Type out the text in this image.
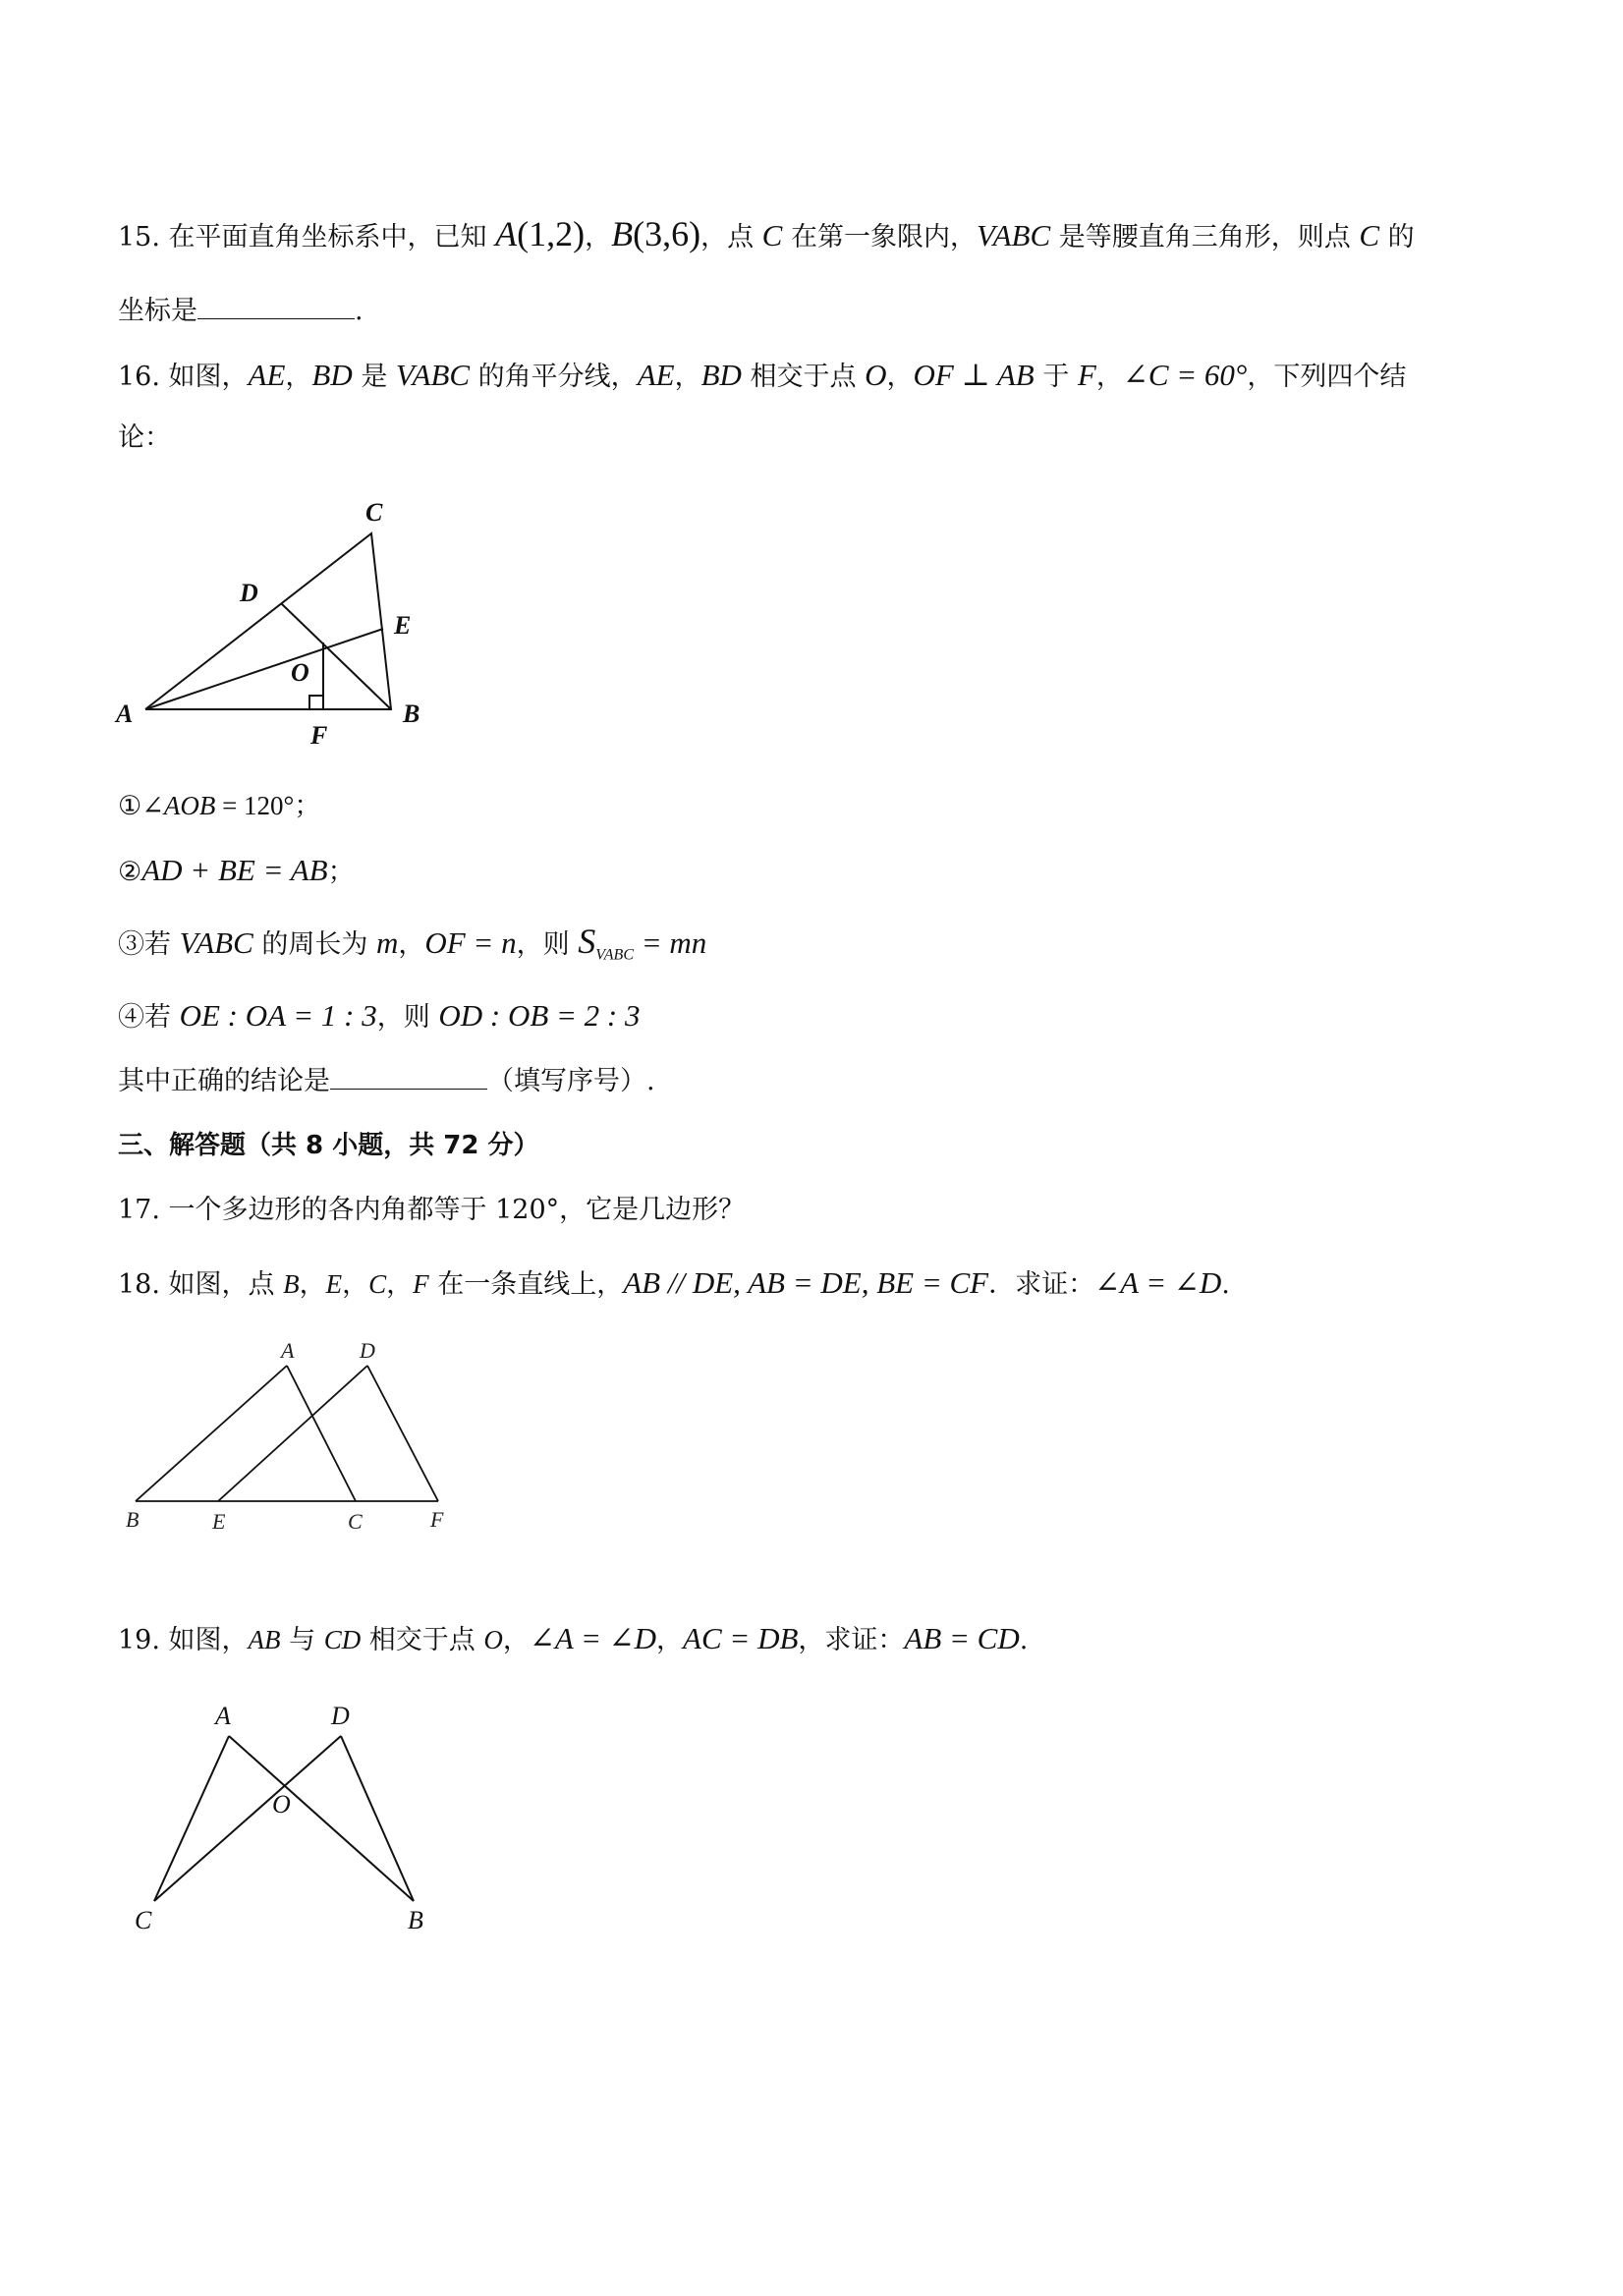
15. 在平面直角坐标系中，已知 A(1,2)，B(3,6)，点 C 在第一象限内，VABC 是等腰直角三角形，则点 C 的
坐标是	.
16. 如图，AE，BD 是 VABC 的角平分线，AE，BD 相交于点 O，OF ⊥ AB 于 F，∠C = 60°，下列四个结
论：
C
D
E
O
A	B
F
①∠AOB = 120°；
②AD + BE = AB；
③若 VABC 的周长为 m，OF = n，则 $S_{VABC}$ = mn
④若 OE : OA = 1 : 3，则 OD : OB = 2 : 3
其中正确的结论是	（填写序号）.
三、解答题（共 8 小题，共 72 分）
17. 一个多边形的各内角都等于 120°，它是几边形？
18. 如图，点 B，E，C，F 在一条直线上，AB // DE, AB = DE, BE = CF．求证：∠A = ∠D.
A	D
B	E	C	F
19. 如图，AB 与 CD 相交于点 O，∠A = ∠D，AC = DB，求证：AB = CD.
A	D
O
C	B
